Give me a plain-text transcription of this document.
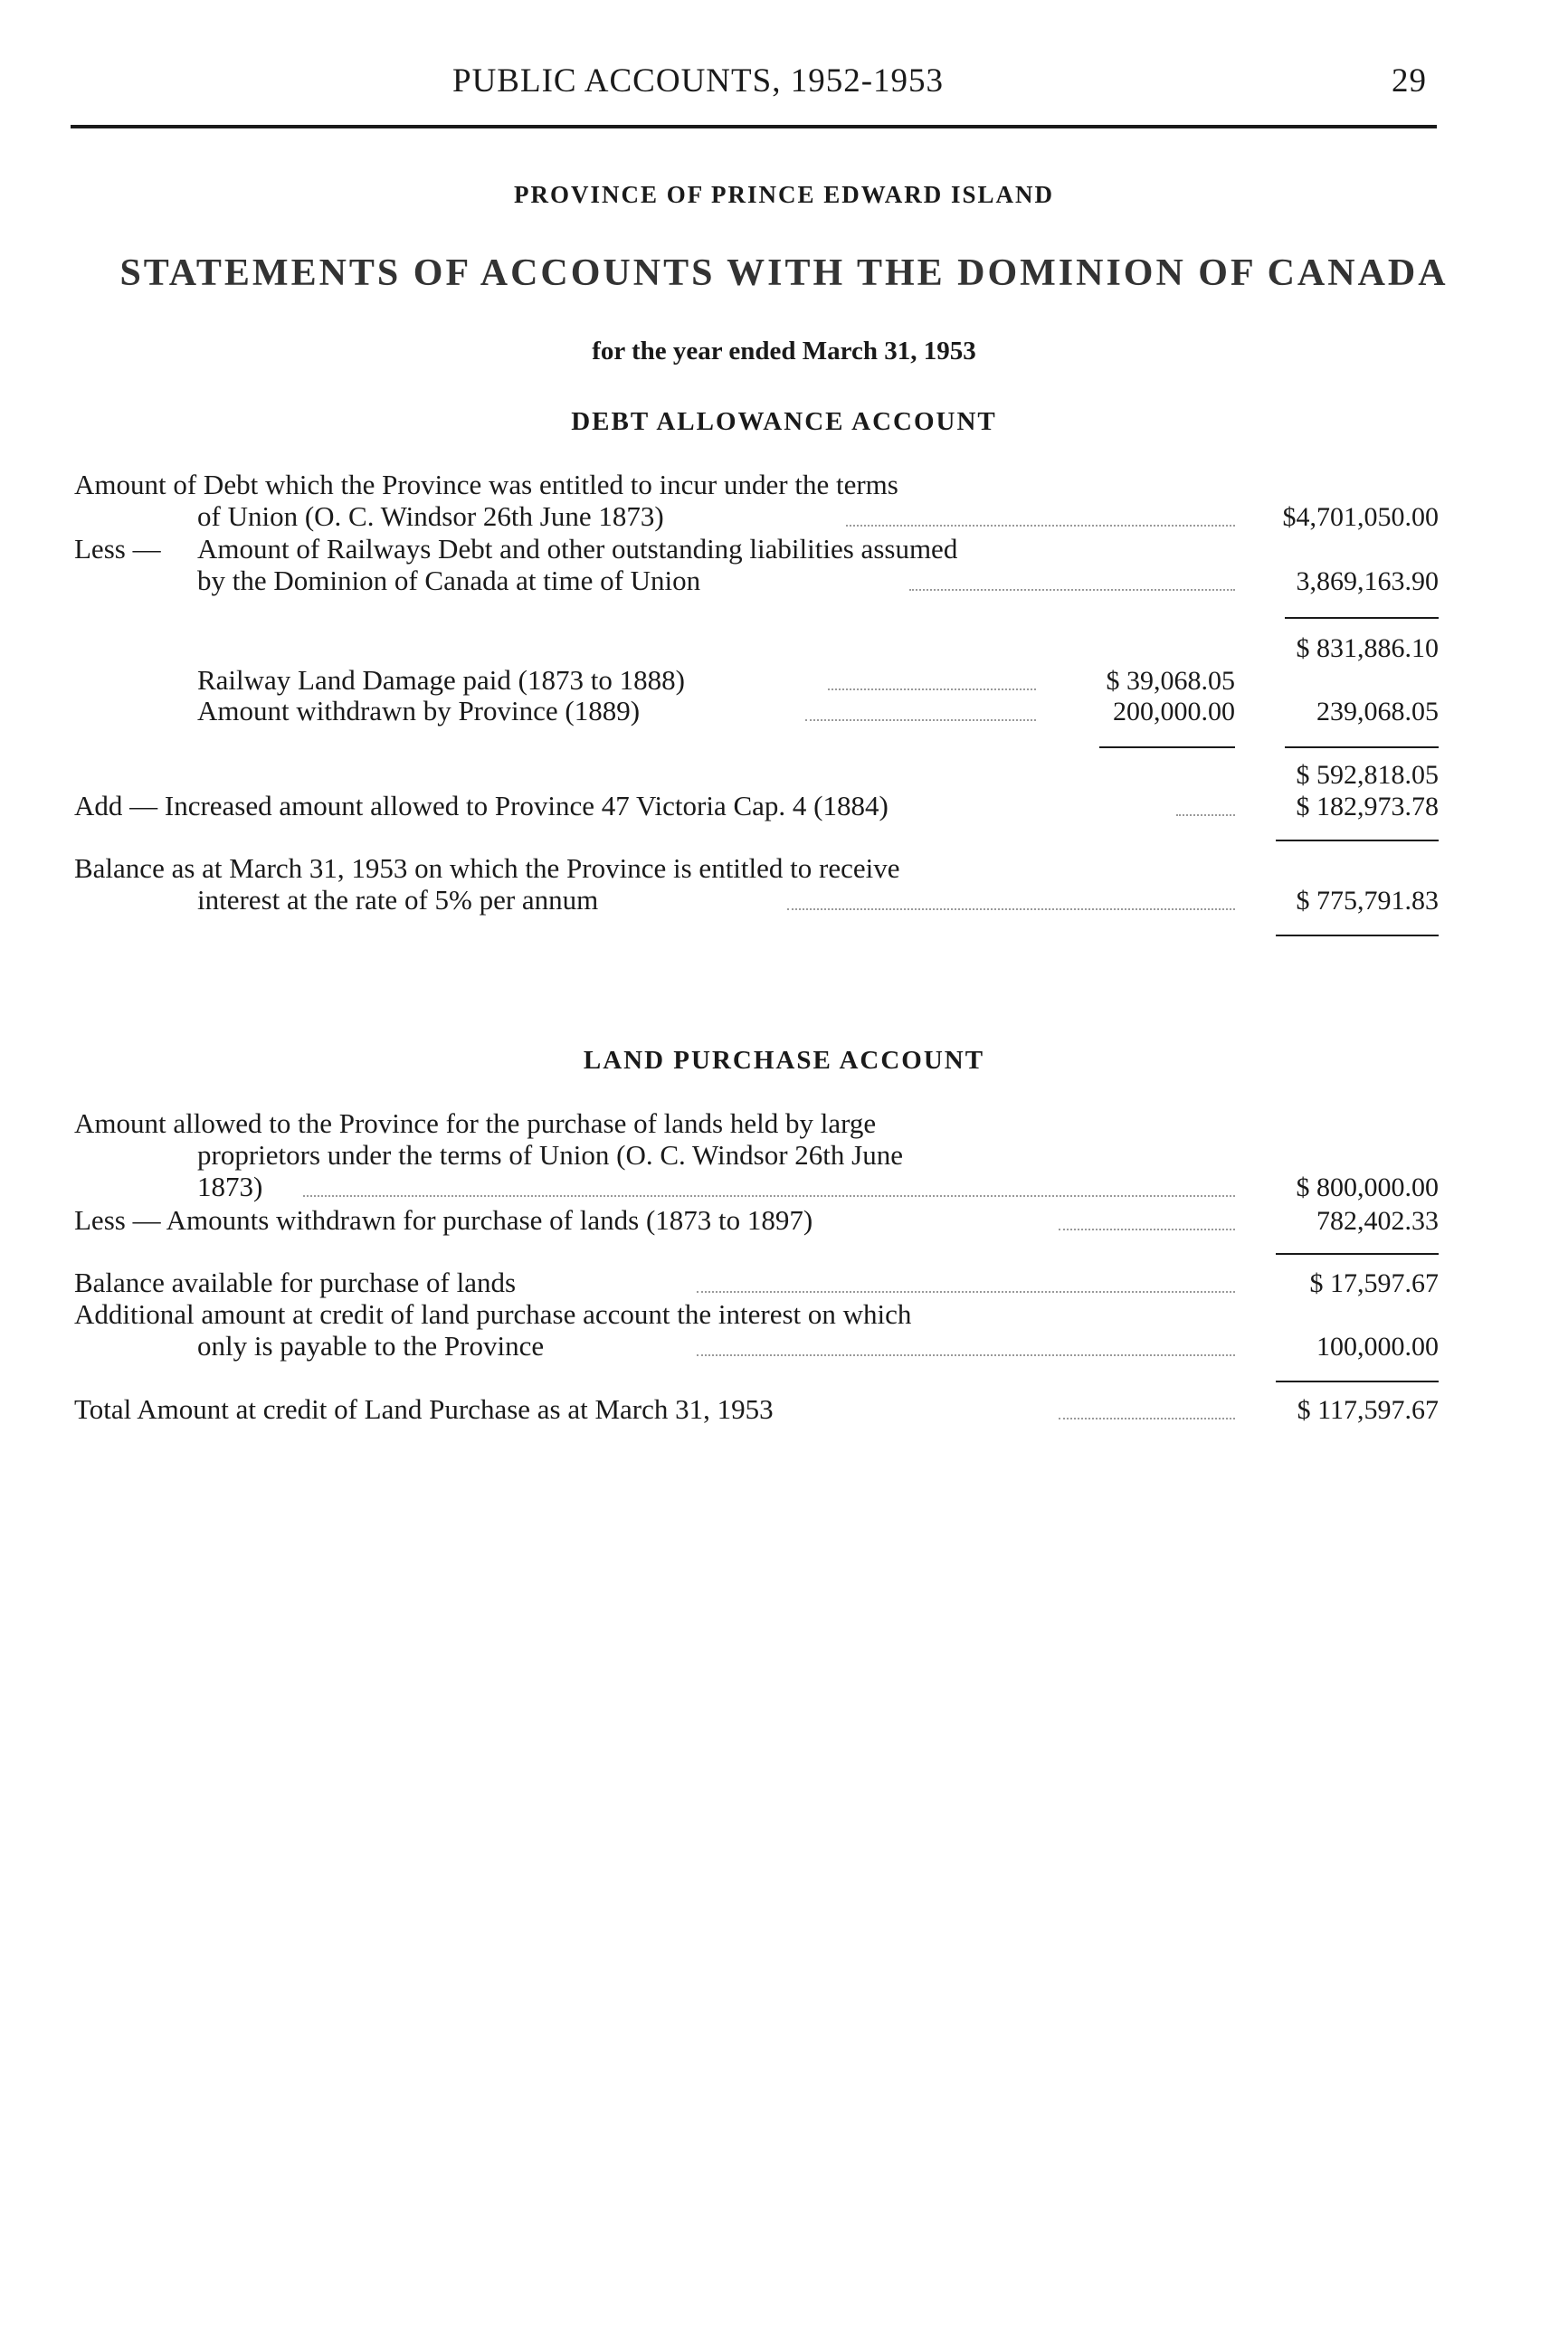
PUBLIC ACCOUNTS, 1952-1953	29
PROVINCE OF PRINCE EDWARD ISLAND
STATEMENTS OF ACCOUNTS WITH THE DOMINION OF CANADA
for the year ended March 31, 1953
DEBT ALLOWANCE ACCOUNT
Amount of Debt which the Province was entitled to incur under the terms
of Union (O. C. Windsor 26th June 1873)	$4,701,050.00
Less — Amount of Railways Debt and other outstanding liabilities assumed
by the Dominion of Canada at time of Union	3,869,163.90
$ 831,886.10
Railway Land Damage paid (1873 to 1888)	$ 39,068.05
Amount withdrawn by Province (1889)	200,000.00	239,068.05
$ 592,818.05
Add — Increased amount allowed to Province 47 Victoria Cap. 4 (1884)	$ 182,973.78
Balance as at March 31, 1953 on which the Province is entitled to receive
interest at the rate of 5% per annum	$ 775,791.83
LAND PURCHASE ACCOUNT
Amount allowed to the Province for the purchase of lands held by large
proprietors under the terms of Union (O. C. Windsor 26th June
1873)	$ 800,000.00
Less — Amounts withdrawn for purchase of lands (1873 to 1897)	782,402.33
Balance available for purchase of lands	$ 17,597.67
Additional amount at credit of land purchase account the interest on which
only is payable to the Province	100,000.00
Total Amount at credit of Land Purchase as at March 31, 1953	$ 117,597.67
